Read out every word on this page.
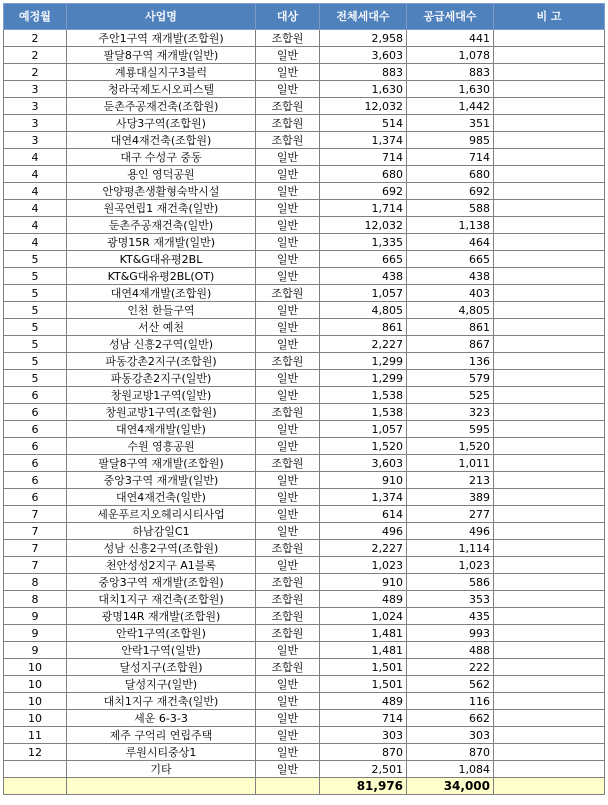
예정월	사업명	대상	전체세대수	공급세대수	비 고
2	주안1구역 재개발(조합원)	조합원	2,958	441	
2	팔달8구역 재개발(일반)	일반	3,603	1,078	
2	계룡대실지구3블럭	일반	883	883	
3	청라국제도시오피스텔	일반	1,630	1,630	
3	둔촌주공재건축(조합원)	조합원	12,032	1,442	
3	사당3구역(조합원)	조합원	514	351	
3	대연4재건축(조합원)	조합원	1,374	985	
4	대구 수성구 중동	일반	714	714	
4	용인 영덕공원	일반	680	680	
4	안양평촌생활형숙박시설	일반	692	692	
4	원곡연립1 재건축(일반)	일반	1,714	588	
4	둔촌주공재건축(일반)	일반	12,032	1,138	
4	광명15R 재개발(일반)	일반	1,335	464	
5	KT&G대유평2BL	일반	665	665	
5	KT&G대유평2BL(OT)	일반	438	438	
5	대연4재개발(조합원)	조합원	1,057	403	
5	인천 한들구역	일반	4,805	4,805	
5	서산 예천	일반	861	861	
5	성남 신흥2구역(일반)	일반	2,227	867	
5	파동강촌2지구(조합원)	조합원	1,299	136	
5	파동강촌2지구(일반)	일반	1,299	579	
6	창원교방1구역(일반)	일반	1,538	525	
6	창원교방1구역(조합원)	조합원	1,538	323	
6	대연4재개발(일반)	일반	1,057	595	
6	수원 영흥공원	일반	1,520	1,520	
6	팔달8구역 재개발(조합원)	조합원	3,603	1,011	
6	중앙3구역 재개발(일반)	일반	910	213	
6	대연4재건축(일반)	일반	1,374	389	
7	세운푸르지오헤리시티사업	일반	614	277	
7	하남감일C1	일반	496	496	
7	성남 신흥2구역(조합원)	조합원	2,227	1,114	
7	천안성성2지구 A1블록	일반	1,023	1,023	
8	중앙3구역 재개발(조합원)	조합원	910	586	
8	대치1지구 재건축(조합원)	조합원	489	353	
9	광명14R 재개발(조합원)	조합원	1,024	435	
9	안락1구역(조합원)	조합원	1,481	993	
9	안락1구역(일반)	일반	1,481	488	
10	달성지구(조합원)	조합원	1,501	222	
10	달성지구(일반)	일반	1,501	562	
10	대치1지구 재건축(일반)	일반	489	116	
10	세운 6-3-3	일반	714	662	
11	제주 구억리 연립주택	일반	303	303	
12	루원시티중상1	일반	870	870	
	기타	일반	2,501	1,084	
			81,976	34,000	
